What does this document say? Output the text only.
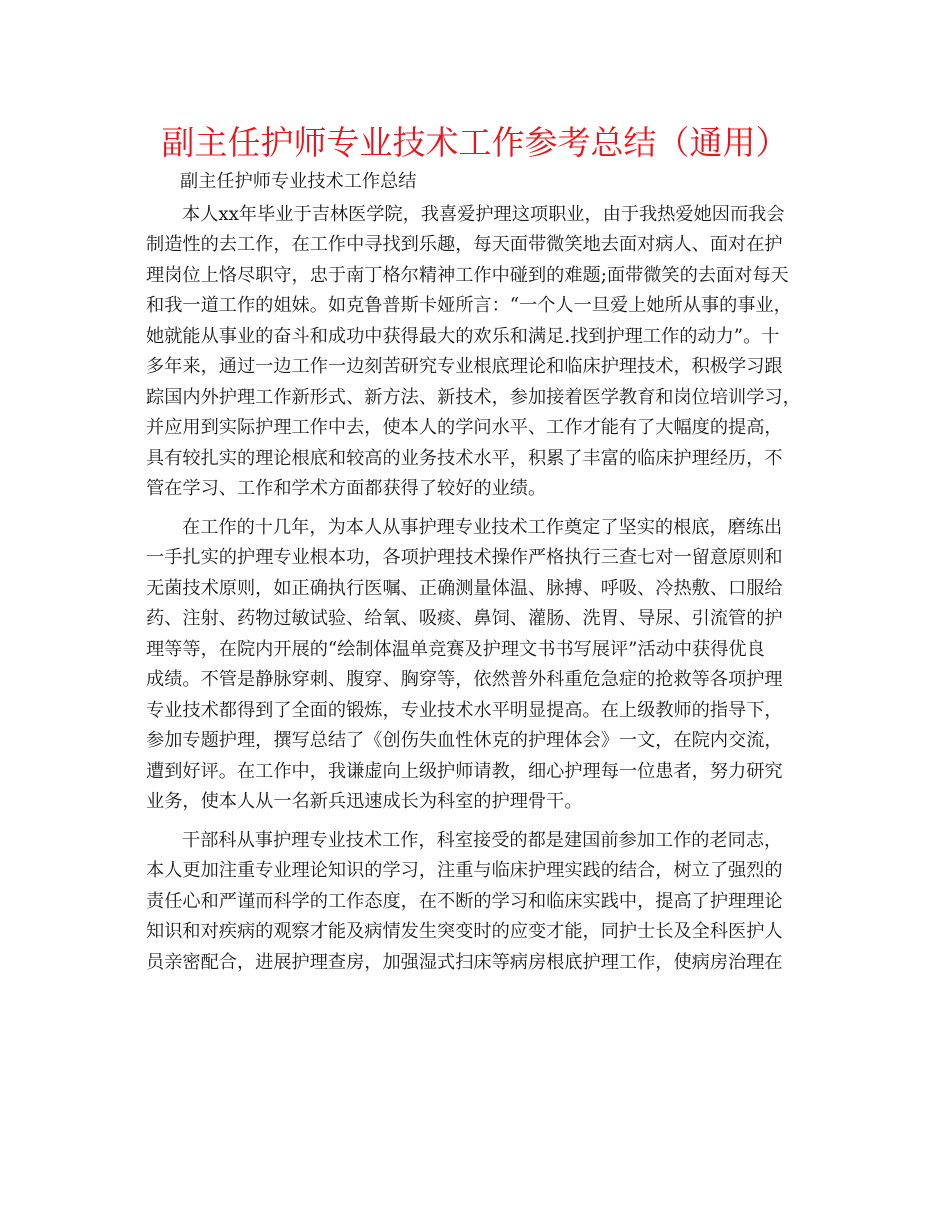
副主任护师专业技术工作参考总结（通用）
副主任护师专业技术工作总结
本人xx年毕业于吉林医学院，我喜爱护理这项职业，由于我热爱她因而我会
制造性的去工作，在工作中寻找到乐趣，每天面带微笑地去面对病人、面对在护
理岗位上恪尽职守，忠于南丁格尔精神工作中碰到的难题;面带微笑的去面对每天
和我一道工作的姐妹。如克鲁普斯卡娅所言：“一个人一旦爱上她所从事的事业，
她就能从事业的奋斗和成功中获得最大的欢乐和满足.找到护理工作的动力”。十
多年来，通过一边工作一边刻苦研究专业根底理论和临床护理技术，积极学习跟
踪国内外护理工作新形式、新方法、新技术，参加接着医学教育和岗位培训学习，
并应用到实际护理工作中去，使本人的学问水平、工作才能有了大幅度的提高，
具有较扎实的理论根底和较高的业务技术水平，积累了丰富的临床护理经历，不
管在学习、工作和学术方面都获得了较好的业绩。
在工作的十几年，为本人从事护理专业技术工作奠定了坚实的根底，磨练出
一手扎实的护理专业根本功，各项护理技术操作严格执行三查七对一留意原则和
无菌技术原则，如正确执行医嘱、正确测量体温、脉搏、呼吸、冷热敷、口服给
药、注射、药物过敏试验、给氧、吸痰、鼻饲、灌肠、洗胃、导尿、引流管的护
理等等，在院内开展的“绘制体温单竞赛及护理文书书写展评”活动中获得优良
成绩。不管是静脉穿刺、腹穿、胸穿等，依然普外科重危急症的抢救等各项护理
专业技术都得到了全面的锻炼，专业技术水平明显提高。在上级教师的指导下，
参加专题护理，撰写总结了《创伤失血性休克的护理体会》一文，在院内交流，
遭到好评。在工作中，我谦虚向上级护师请教，细心护理每一位患者，努力研究
业务，使本人从一名新兵迅速成长为科室的护理骨干。
干部科从事护理专业技术工作，科室接受的都是建国前参加工作的老同志，
本人更加注重专业理论知识的学习，注重与临床护理实践的结合，树立了强烈的
责任心和严谨而科学的工作态度，在不断的学习和临床实践中，提高了护理理论
知识和对疾病的观察才能及病情发生突变时的应变才能，同护士长及全科医护人
员亲密配合，进展护理查房，加强湿式扫床等病房根底护理工作，使病房治理在
